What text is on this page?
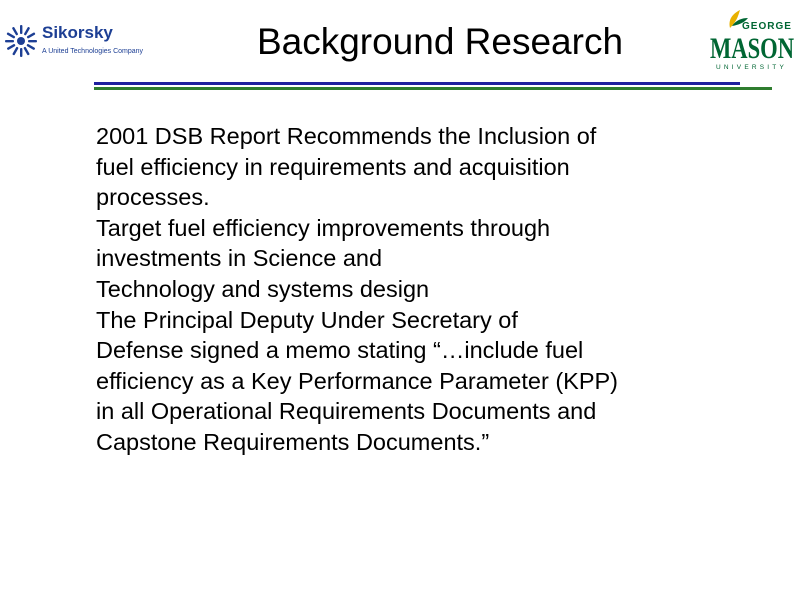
Sikorsky
A United Technologies Company	Background Research	GEORGE
MASON
UNIVERSITY
2001 DSB Report Recommends the Inclusion of
fuel efficiency in requirements and acquisition
processes.
Target fuel efficiency improvements through
investments in Science and
Technology and systems design
The Principal Deputy Under Secretary of
Defense signed a memo stating “…include fuel
efficiency as a Key Performance Parameter (KPP)
in all Operational Requirements Documents and
Capstone Requirements Documents.”
